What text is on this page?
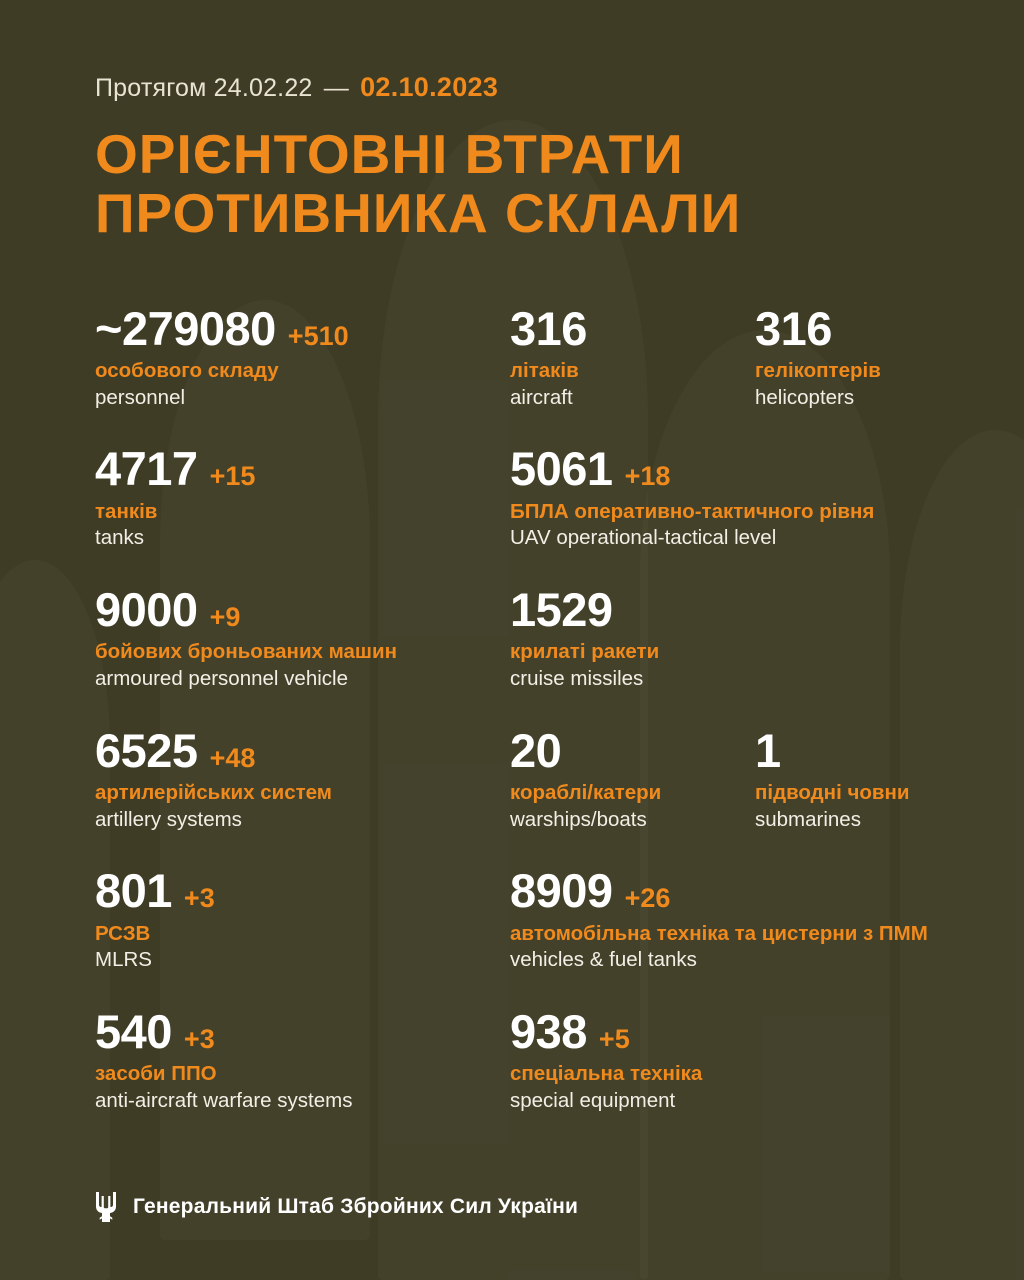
Протягом 24.02.22 — 02.10.2023
ОРІЄНТОВНІ ВТРАТИ
ПРОТИВНИКА СКЛАЛИ
~279080 +510
особового складу
personnel
316
літаків
aircraft
316
гелікоптерів
helicopters
4717 +15
танків
tanks
5061 +18
БПЛА оперативно-тактичного рівня
UAV operational-tactical level
9000 +9
бойових броньованих машин
armoured personnel vehicle
1529
крилаті ракети
cruise missiles
6525 +48
артилерійських систем
artillery systems
20
кораблі/катери
warships/boats
1
підводні човни
submarines
801 +3
РСЗВ
MLRS
8909 +26
автомобільна техніка та цистерни з ПММ
vehicles & fuel tanks
540 +3
засоби ППО
anti-aircraft warfare systems
938 +5
спеціальна техніка
special equipment
Генеральний Штаб Збройних Сил України
